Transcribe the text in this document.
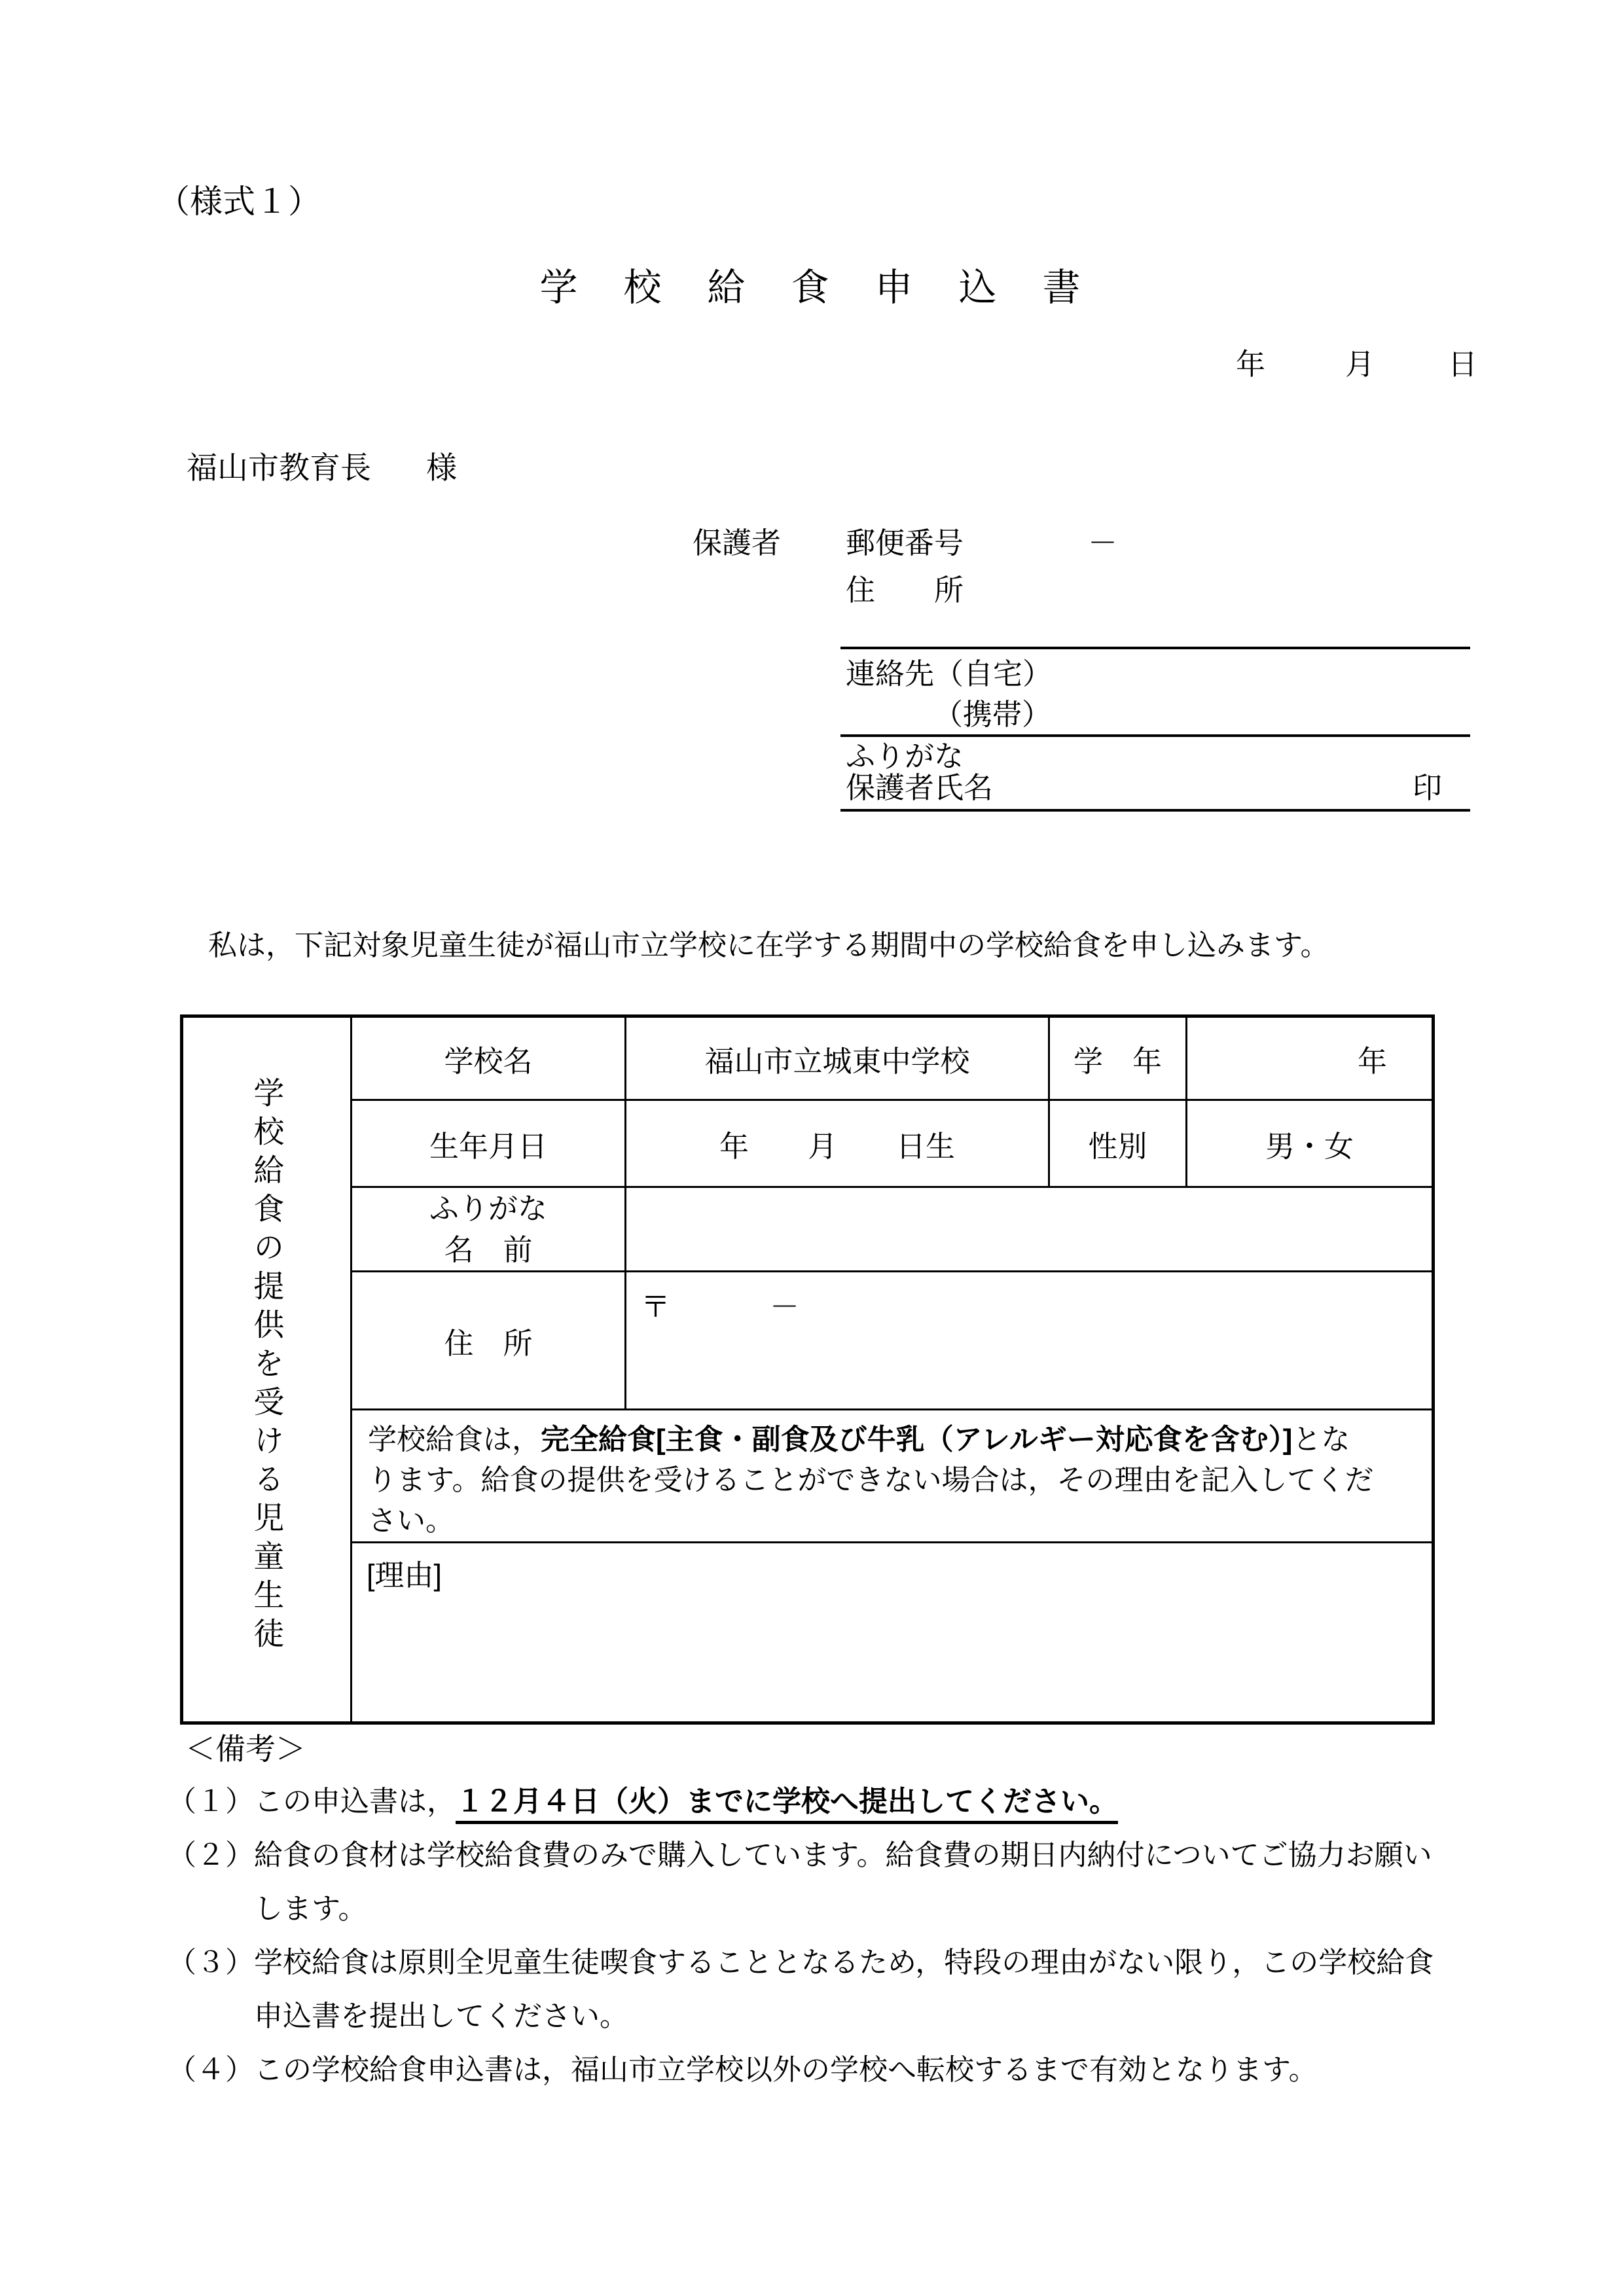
（様式１）
学　校　給　食　申　込　書
年	月 日
福山市教育長 様
保護者 郵便番号	－
住　　所
連絡先（自宅）
（携帯）
ふりがな
保護者氏名	印
私は，下記対象児童生徒が福山市立学校に在学する期間中の学校給食を申し込みます。
学校給食の提供を受ける児童生徒	学校名	福山市立城東中学校	学　年	年
	生年月日	年　　月　　日生	性別	男・女

	ふりがな
名　前			

	住　所	〒 －		

	学校給食は，完全給食[主食・副食及び牛乳（アレルギー対応食を含む）]とな
ります。給食の提供を受けることができない場合は，その理由を記入してくだ
さい。			

	[理由]			
＜備考＞
（１） この申込書は，１２月４日（火）までに学校へ提出してください。
（２） 給食の食材は学校給食費のみで購入しています。給食費の期日内納付についてご協力お願い
します。
（３） 学校給食は原則全児童生徒喫食することとなるため，特段の理由がない限り，この学校給食
申込書を提出してください。
（４） この学校給食申込書は，福山市立学校以外の学校へ転校するまで有効となります。
